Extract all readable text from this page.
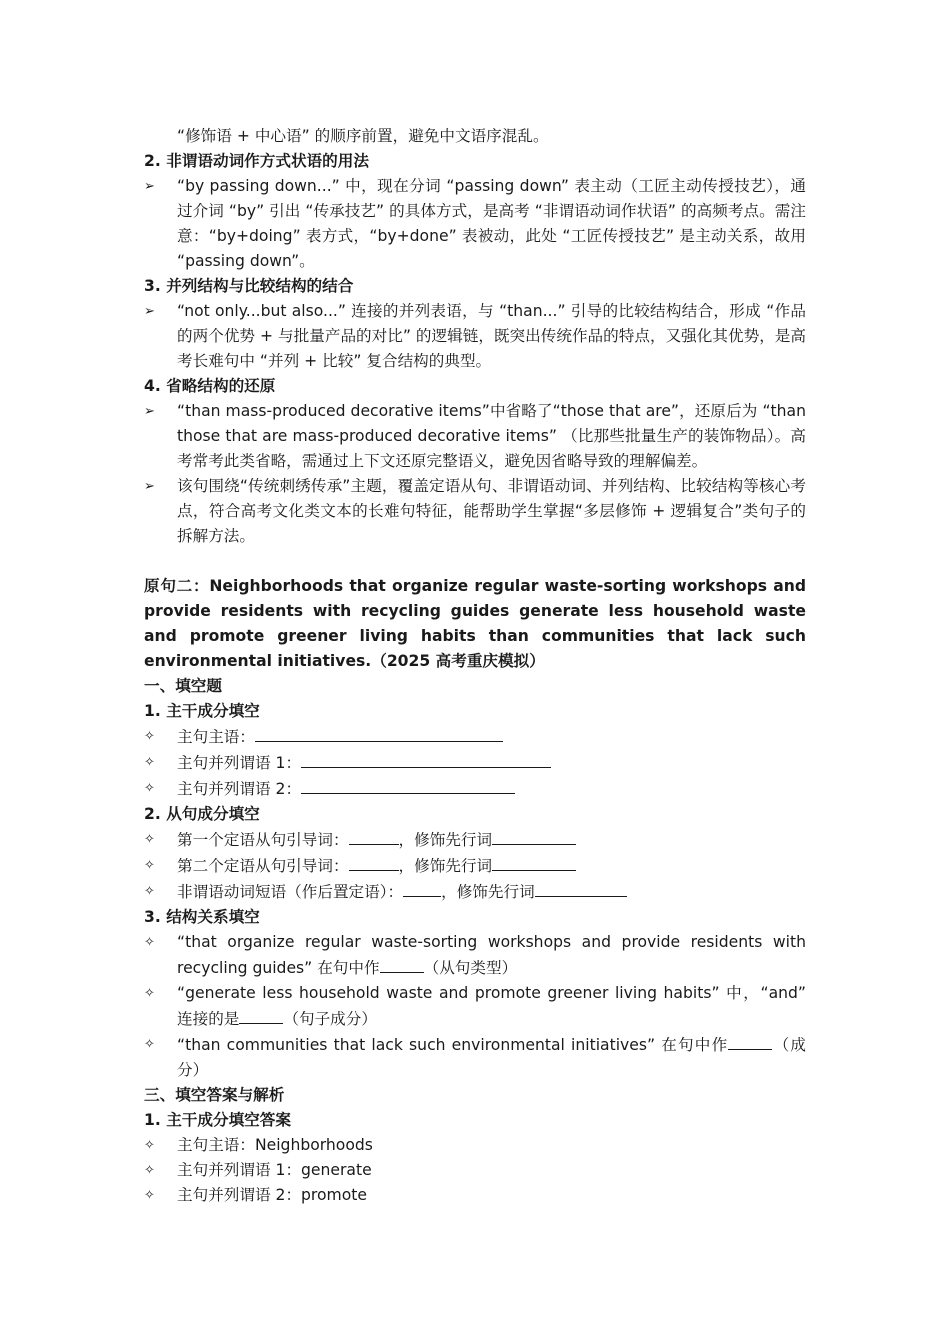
“修饰语 + 中心语” 的顺序前置，避免中文语序混乱。
2. 非谓语动词作方式状语的用法
➢	“by passing down...” 中，现在分词 “passing down” 表主动（工匠主动传授技艺），通过介词 “by” 引出 “传承技艺” 的具体方式，是高考 “非谓语动词作状语” 的高频考点。需注意：“by+doing” 表方式，“by+done” 表被动，此处 “工匠传授技艺” 是主动关系，故用 “passing down”。
3. 并列结构与比较结构的结合
➢	“not only...but also...” 连接的并列表语，与 “than...” 引导的比较结构结合，形成 “作品的两个优势 + 与批量产品的对比” 的逻辑链，既突出传统作品的特点，又强化其优势，是高考长难句中 “并列 + 比较” 复合结构的典型。
4. 省略结构的还原
➢	“than mass-produced decorative items”中省略了“those that are”，还原后为 “than those that are mass-produced decorative items” （比那些批量生产的装饰物品）。高考常考此类省略，需通过上下文还原完整语义，避免因省略导致的理解偏差。
➢	该句围绕“传统刺绣传承”主题，覆盖定语从句、非谓语动词、并列结构、比较结构等核心考点，符合高考文化类文本的长难句特征，能帮助学生掌握“多层修饰 + 逻辑复合”类句子的拆解方法。
原句二：Neighborhoods that organize regular waste-sorting workshops and provide residents with recycling guides generate less household waste and promote greener living habits than communities that lack such environmental initiatives.（2025 高考重庆模拟）
一、填空题
1. 主干成分填空
✧	主句主语：
✧	主句并列谓语 1：
✧	主句并列谓语 2：
2. 从句成分填空
✧	第一个定语从句引导词：	，修饰先行词
✧	第二个定语从句引导词：	，修饰先行词
✧	非谓语动词短语（作后置定语）： ，修饰先行词
3. 结构关系填空
✧	“that organize regular waste-sorting workshops and provide residents with recycling guides” 在句中作	（从句类型）
✧	“generate less household waste and promote greener living habits” 中，“and” 连接的是	（句子成分）
✧	“than communities that lack such environmental initiatives” 在句中作	（成分）
三、填空答案与解析
1. 主干成分填空答案
✧	主句主语：Neighborhoods
✧	主句并列谓语 1：generate
✧	主句并列谓语 2：promote
